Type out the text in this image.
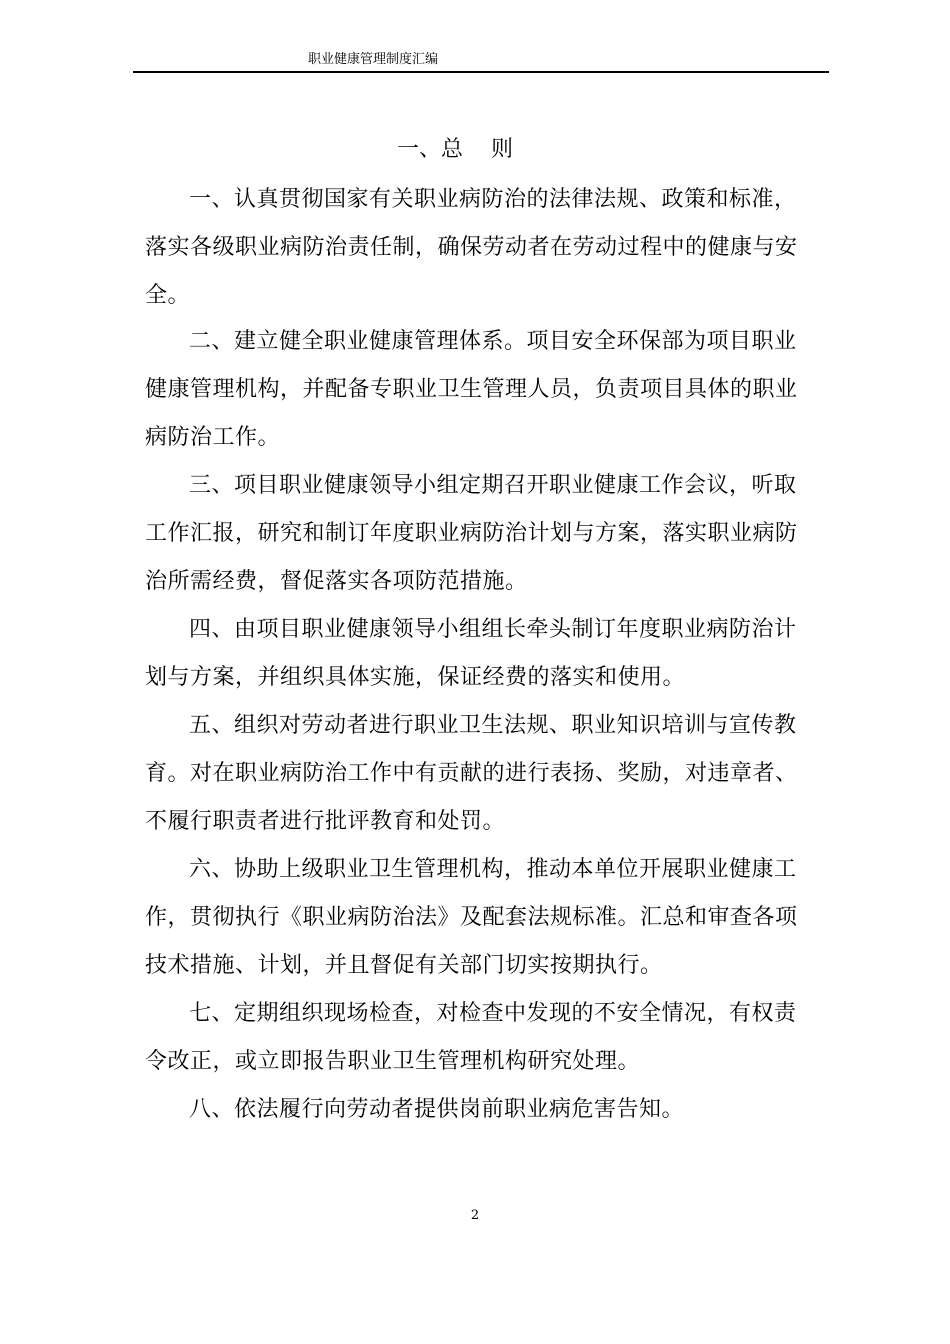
职业健康管理制度汇编
一、总    则

一、认真贯彻国家有关职业病防治的法律法规、政策和标准，落实各级职业病防治责任制，确保劳动者在劳动过程中的健康与安全。

二、建立健全职业健康管理体系。项目安全环保部为项目职业健康管理机构，并配备专职业卫生管理人员，负责项目具体的职业病防治工作。

三、项目职业健康领导小组定期召开职业健康工作会议，听取工作汇报，研究和制订年度职业病防治计划与方案，落实职业病防治所需经费，督促落实各项防范措施。

四、由项目职业健康领导小组组长牵头制订年度职业病防治计划与方案，并组织具体实施，保证经费的落实和使用。

五、组织对劳动者进行职业卫生法规、职业知识培训与宣传教育。对在职业病防治工作中有贡献的进行表扬、奖励，对违章者、不履行职责者进行批评教育和处罚。

六、协助上级职业卫生管理机构，推动本单位开展职业健康工作，贯彻执行《职业病防治法》及配套法规标准。汇总和审查各项技术措施、计划，并且督促有关部门切实按期执行。

七、定期组织现场检查，对检查中发现的不安全情况，有权责令改正，或立即报告职业卫生管理机构研究处理。

八、依法履行向劳动者提供岗前职业病危害告知。

2
